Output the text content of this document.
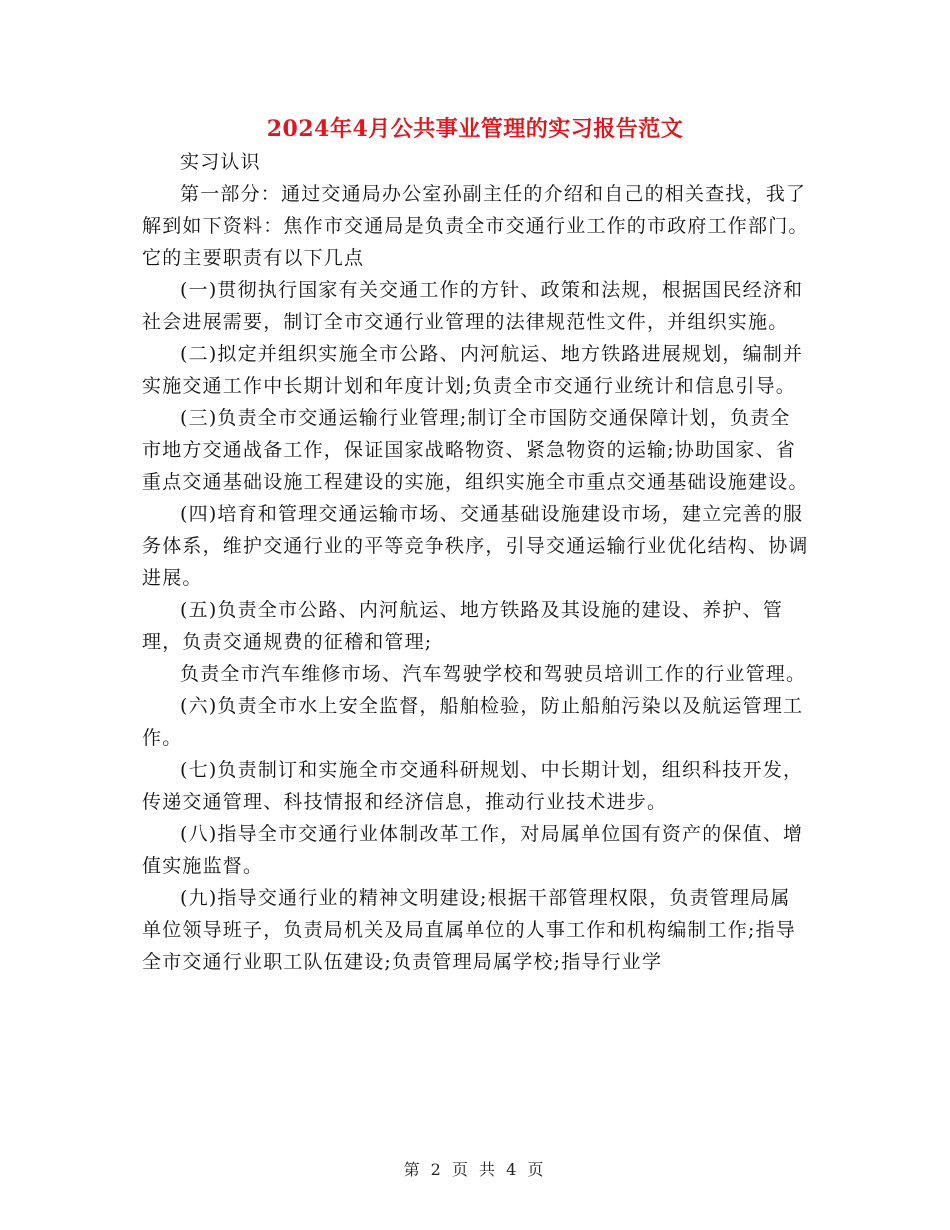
2024年4月公共事业管理的实习报告范文

实习认识

第一部分：通过交通局办公室孙副主任的介绍和自己的相关查找，我了解到如下资料：焦作市交通局是负责全市交通行业工作的市政府工作部门。它的主要职责有以下几点

(一)贯彻执行国家有关交通工作的方针、政策和法规，根据国民经济和社会进展需要，制订全市交通行业管理的法律规范性文件，并组织实施。

(二)拟定并组织实施全市公路、内河航运、地方铁路进展规划，编制并实施交通工作中长期计划和年度计划;负责全市交通行业统计和信息引导。

(三)负责全市交通运输行业管理;制订全市国防交通保障计划，负责全市地方交通战备工作，保证国家战略物资、紧急物资的运输;协助国家、省重点交通基础设施工程建设的实施，组织实施全市重点交通基础设施建设。

(四)培育和管理交通运输市场、交通基础设施建设市场，建立完善的服务体系，维护交通行业的平等竞争秩序，引导交通运输行业优化结构、协调进展。

(五)负责全市公路、内河航运、地方铁路及其设施的建设、养护、管理，负责交通规费的征稽和管理;

负责全市汽车维修市场、汽车驾驶学校和驾驶员培训工作的行业管理。

(六)负责全市水上安全监督，船舶检验，防止船舶污染以及航运管理工作。

(七)负责制订和实施全市交通科研规划、中长期计划，组织科技开发，传递交通管理、科技情报和经济信息，推动行业技术进步。

(八)指导全市交通行业体制改革工作，对局属单位国有资产的保值、增值实施监督。

(九)指导交通行业的精神文明建设;根据干部管理权限，负责管理局属单位领导班子，负责局机关及局直属单位的人事工作和机构编制工作;指导全市交通行业职工队伍建设;负责管理局属学校;指导行业学

第 2 页 共 4 页
